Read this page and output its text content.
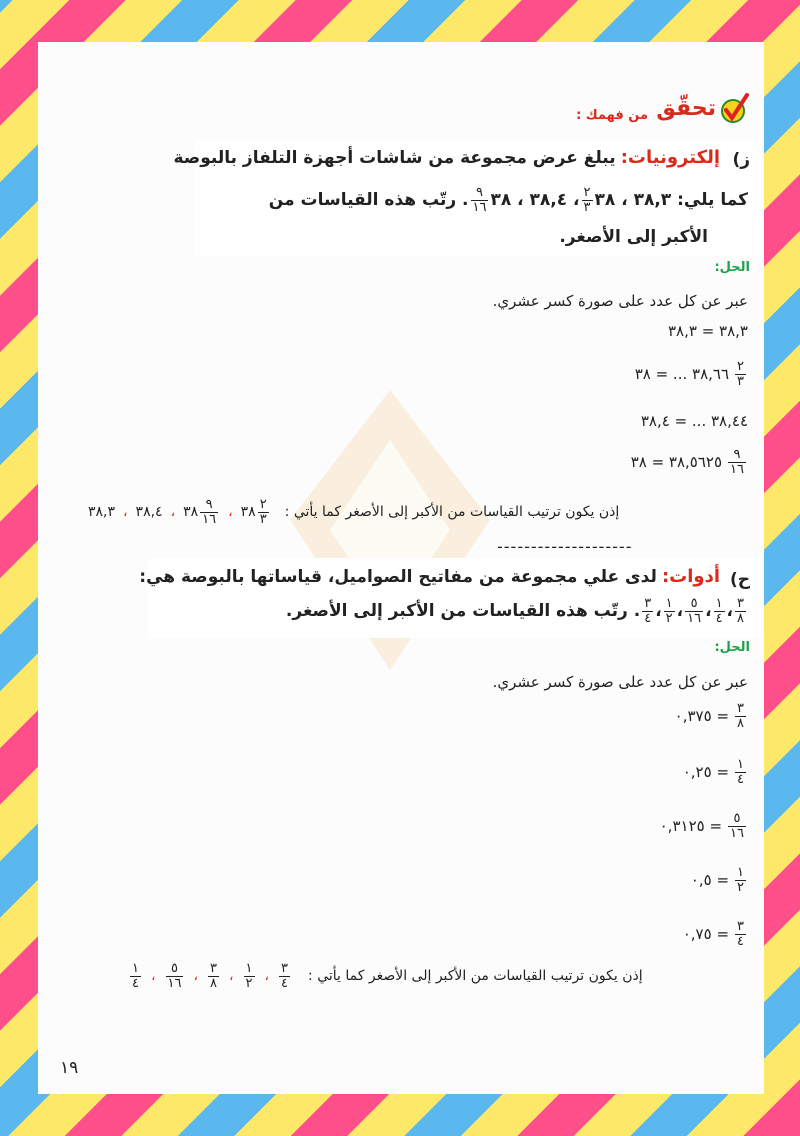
تحقّق
من فهمك :
ز)
إلكترونيات: يبلغ عرض مجموعة من شاشات أجهزة التلفاز بالبوصة
كما يلي: ٣٨,٣ ، ٣٨
$\frac{٢}{٣}$
، ٣٨,٤ ، ٣٨
$\frac{٩}{١٦}$
. رتّب هذه القياسات من
الأكبر إلى الأصغر.
الحل:
عبر عن كل عدد على صورة كسر عشري.
٣٨,٣ = ٣٨,٣
٣٨,٦٦ ... = ٣٨ $\frac{٢}{٣}$
٣٨,٤٤ ... = ٣٨,٤
٣٨,٥٦٢٥ = ٣٨ $\frac{٩}{١٦}$
٣٨,٣ ، ٣٨,٤ ، ٣٨ $\frac{٩}{١٦}$ ، ٣٨ $\frac{٢}{٣}$ إذن يكون ترتيب القياسات من الأكبر إلى الأصغر كما يأتي :
--------------------
ح)
أدوات: لدى علي مجموعة من مفاتيح الصواميل، قياساتها بالبوصة هي:
$\frac{٣}{٨}$
،
$\frac{١}{٤}$
،
$\frac{٥}{١٦}$
،
$\frac{١}{٢}$
،
$\frac{٣}{٤}$
. رتّب هذه القياسات من الأكبر إلى الأصغر.
الحل:
عبر عن كل عدد على صورة كسر عشري.
٠,٣٧٥ = $\frac{٣}{٨}$
٠,٢٥ = $\frac{١}{٤}$
٠,٣١٢٥ = $\frac{٥}{١٦}$
٠,٥ = $\frac{١}{٢}$
٠,٧٥ = $\frac{٣}{٤}$
$\frac{١}{٤}$ ، $\frac{٥}{١٦}$ ، $\frac{٣}{٨}$ ، $\frac{١}{٢}$ ، $\frac{٣}{٤}$ إذن يكون ترتيب القياسات من الأكبر إلى الأصغر كما يأتي :
١٩
